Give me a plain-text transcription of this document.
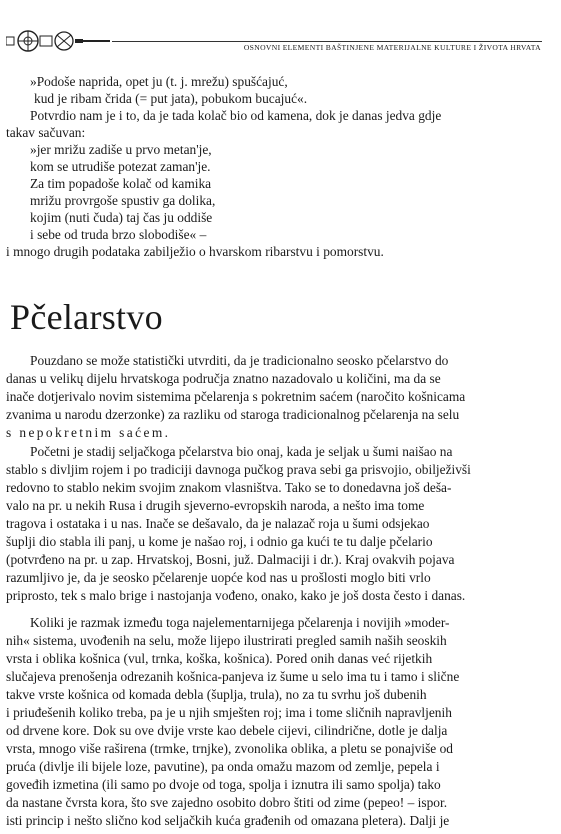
OSNOVNI ELEMENTI BAŠTINJENE MATERIJALNE KULTURE I ŽIVOTA HRVATA
»Podoše naprida, opet ju (t. j. mrežu) spušćajuć,
kud je ribam črida (= put jata), pobukom bucajuć«.
Potvrdio nam je i to, da je tada kolač bio od kamena, dok je danas jedva gdje
takav sačuvan:
»jer mrižu zadiše u prvo metan'je,
kom se utrudiše potezat zaman'je.
Za tim popadoše kolač od kamika
mrižu provrgoše spustiv ga dolika,
kojim (nuti čuda) taj čas ju oddiše
i sebe od truda brzo slobodiše« –
i mnogo drugih podataka zabilježio o hvarskom ribarstvu i pomorstvu.
Pčelarstvo
Pouzdano se može statistički utvrditi, da je tradicionalno seosko pčelarstvo do
danas u velikų dijelu hrvatskoga područja znatno nazadovalo u količini, ma da se
inače dotjerivalo novim sistemima pčelarenja s pokretnim saćem (naročito košnicama
zvanima u narodu dzerzonke) za razliku od staroga tradicionalnog pčelarenja na selu
s nepokretnim saćem.
Početni je stadij seljačkoga pčelarstva bio onaj, kada je seljak u šumi naišao na
stablo s divljim rojem i po tradiciji davnoga pučkog prava sebi ga prisvojio, obilježivši
redovno to stablo nekim svojim znakom vlasništva. Tako se to donedavna još deša-
valo na pr. u nekih Rusa i drugih sjeverno-evropskih naroda, a nešto ima tome
tragova i ostataka i u nas. Inače se dešavalo, da je nalazač roja u šumi odsjekao
šuplji dio stabla ili panj, u kome je našao roj, i odnio ga kući te tu dalje pčelario
(potvrđeno na pr. u zap. Hrvatskoj, Bosni, juž. Dalmaciji i dr.). Kraj ovakvih pojava
razumljivo je, da je seosko pčelarenje uopće kod nas u prošlosti moglo biti vrlo
priprosto, tek s malo brige i nastojanja vođeno, onako, kako je još dosta često i danas.
Koliki je razmak između toga najelementarnijega pčelarenja i novijih »moder-
nih« sistema, uvođenih na selu, može lijepo ilustrirati pregled samih naših seoskih
vrsta i oblika košnica (vul, trnka, koška, košnica). Pored onih danas već rijetkih
slučajeva prenošenja odrezanih košnica-panjeva iz šume u selo ima tu i tamo i slične
takve vrste košnica od komada debla (šuplja, trula), no za tu svrhu još dubenih
i priuđešenih koliko treba, pa je u njih smješten roj; ima i tome sličnih napravljenih
od drvene kore. Dok su ove dvije vrste kao debele cijevi, cilindrične, dotle je dalja
vrsta, mnogo više raširena (trmke, trnjke), zvonolika oblika, a pletu se ponajviše od
pruća (divlje ili bijele loze, pavutine), pa onda omažu mazom od zemlje, pepela i
goveđih izmetina (ili samo po dvoje od toga, spolja i iznutra ili samo spolja) tako
da nastane čvrsta kora, što sve zajedno osobito dobro štiti od zime (pepeo! – ispor.
isti princip i nešto slično kod seljačkih kuća građenih od omazana pletera). Dalji je
